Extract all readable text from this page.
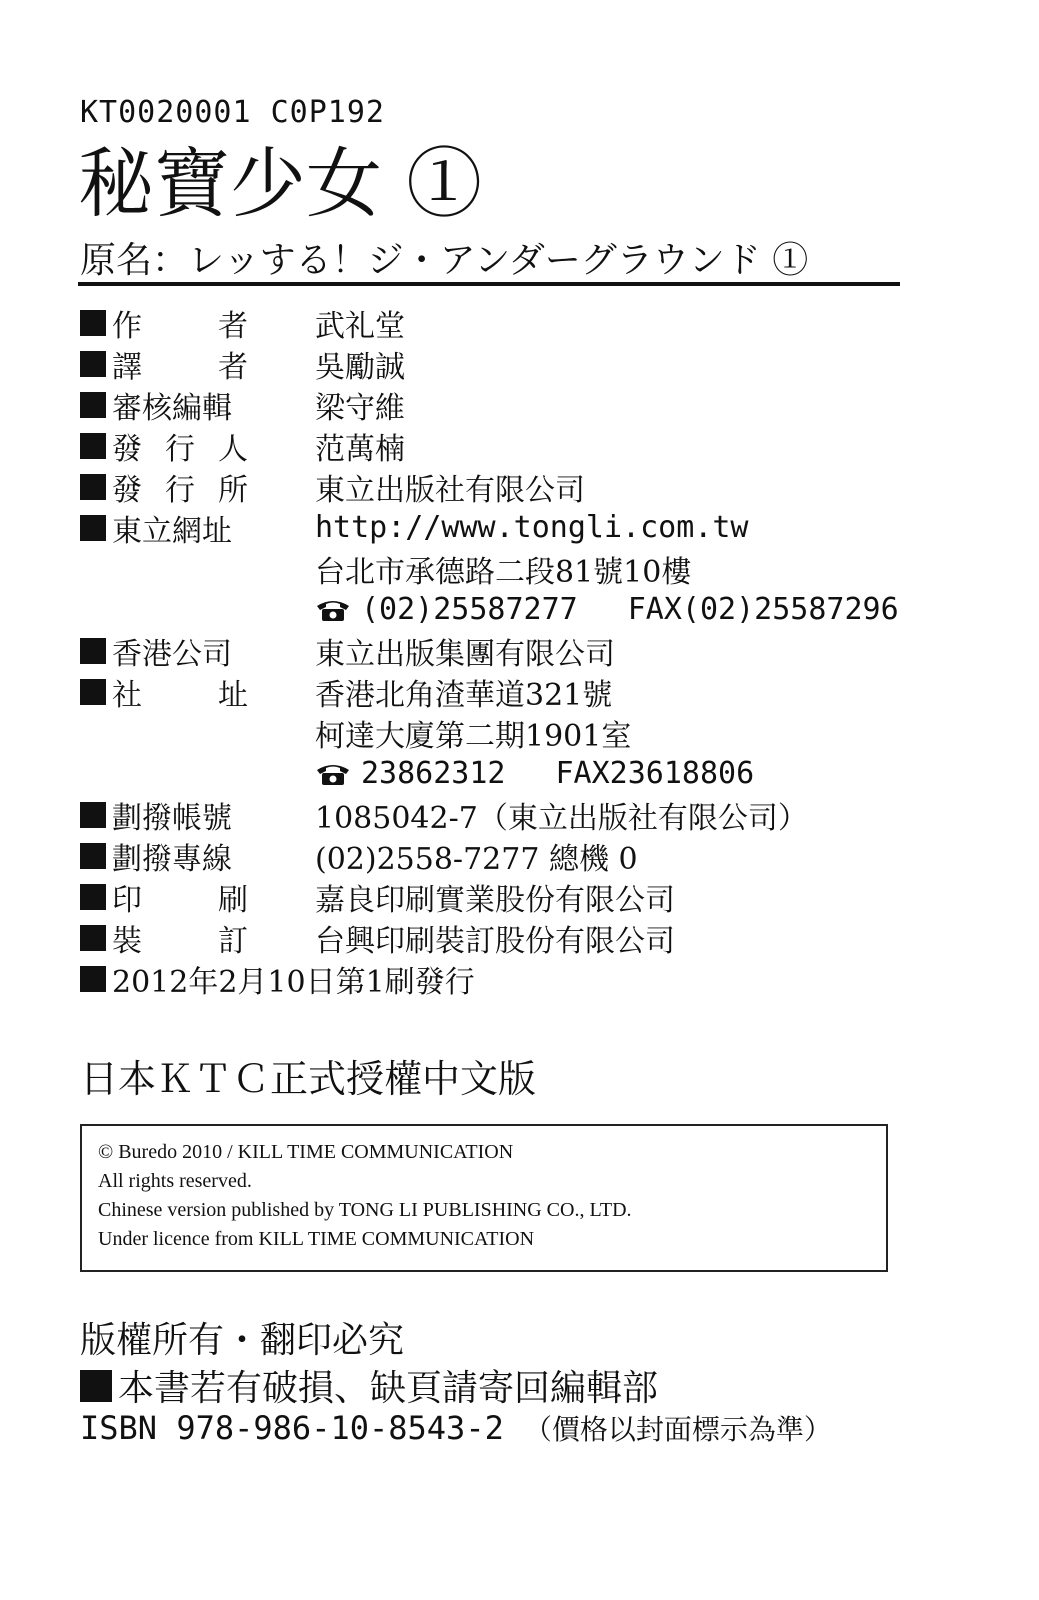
KT0020001 C0P192
秘寶少女 ①
原名：レッする！ジ・アンダーグラウンド ①
作	者 武礼堂
譯	者 吳勵誠
審核編輯	梁守維
發 行 人 范萬楠
發 行 所 東立出版社有限公司
東立網址	http://www.tongli.com.tw
台北市承德路二段81號10樓
(02)25587277 FAX(02)25587296
香港公司	東立出版集團有限公司
社	址 香港北角渣華道321號
柯達大廈第二期1901室
23862312 FAX23618806
劃撥帳號	1085042-7（東立出版社有限公司）
劃撥專線	(02)2558-7277 總機 0
印	刷 嘉良印刷實業股份有限公司
裝	訂 台興印刷裝訂股份有限公司
2012年2月10日第1刷發行
日本ＫＴＣ正式授權中文版
© Buredo 2010 / KILL TIME COMMUNICATION
All rights reserved.
Chinese version published by TONG LI PUBLISHING CO., LTD.
Under licence from KILL TIME COMMUNICATION
版權所有・翻印必究
本書若有破損、缺頁請寄回編輯部
ISBN 978-986-10-8543-2 （價格以封面標示為準）
